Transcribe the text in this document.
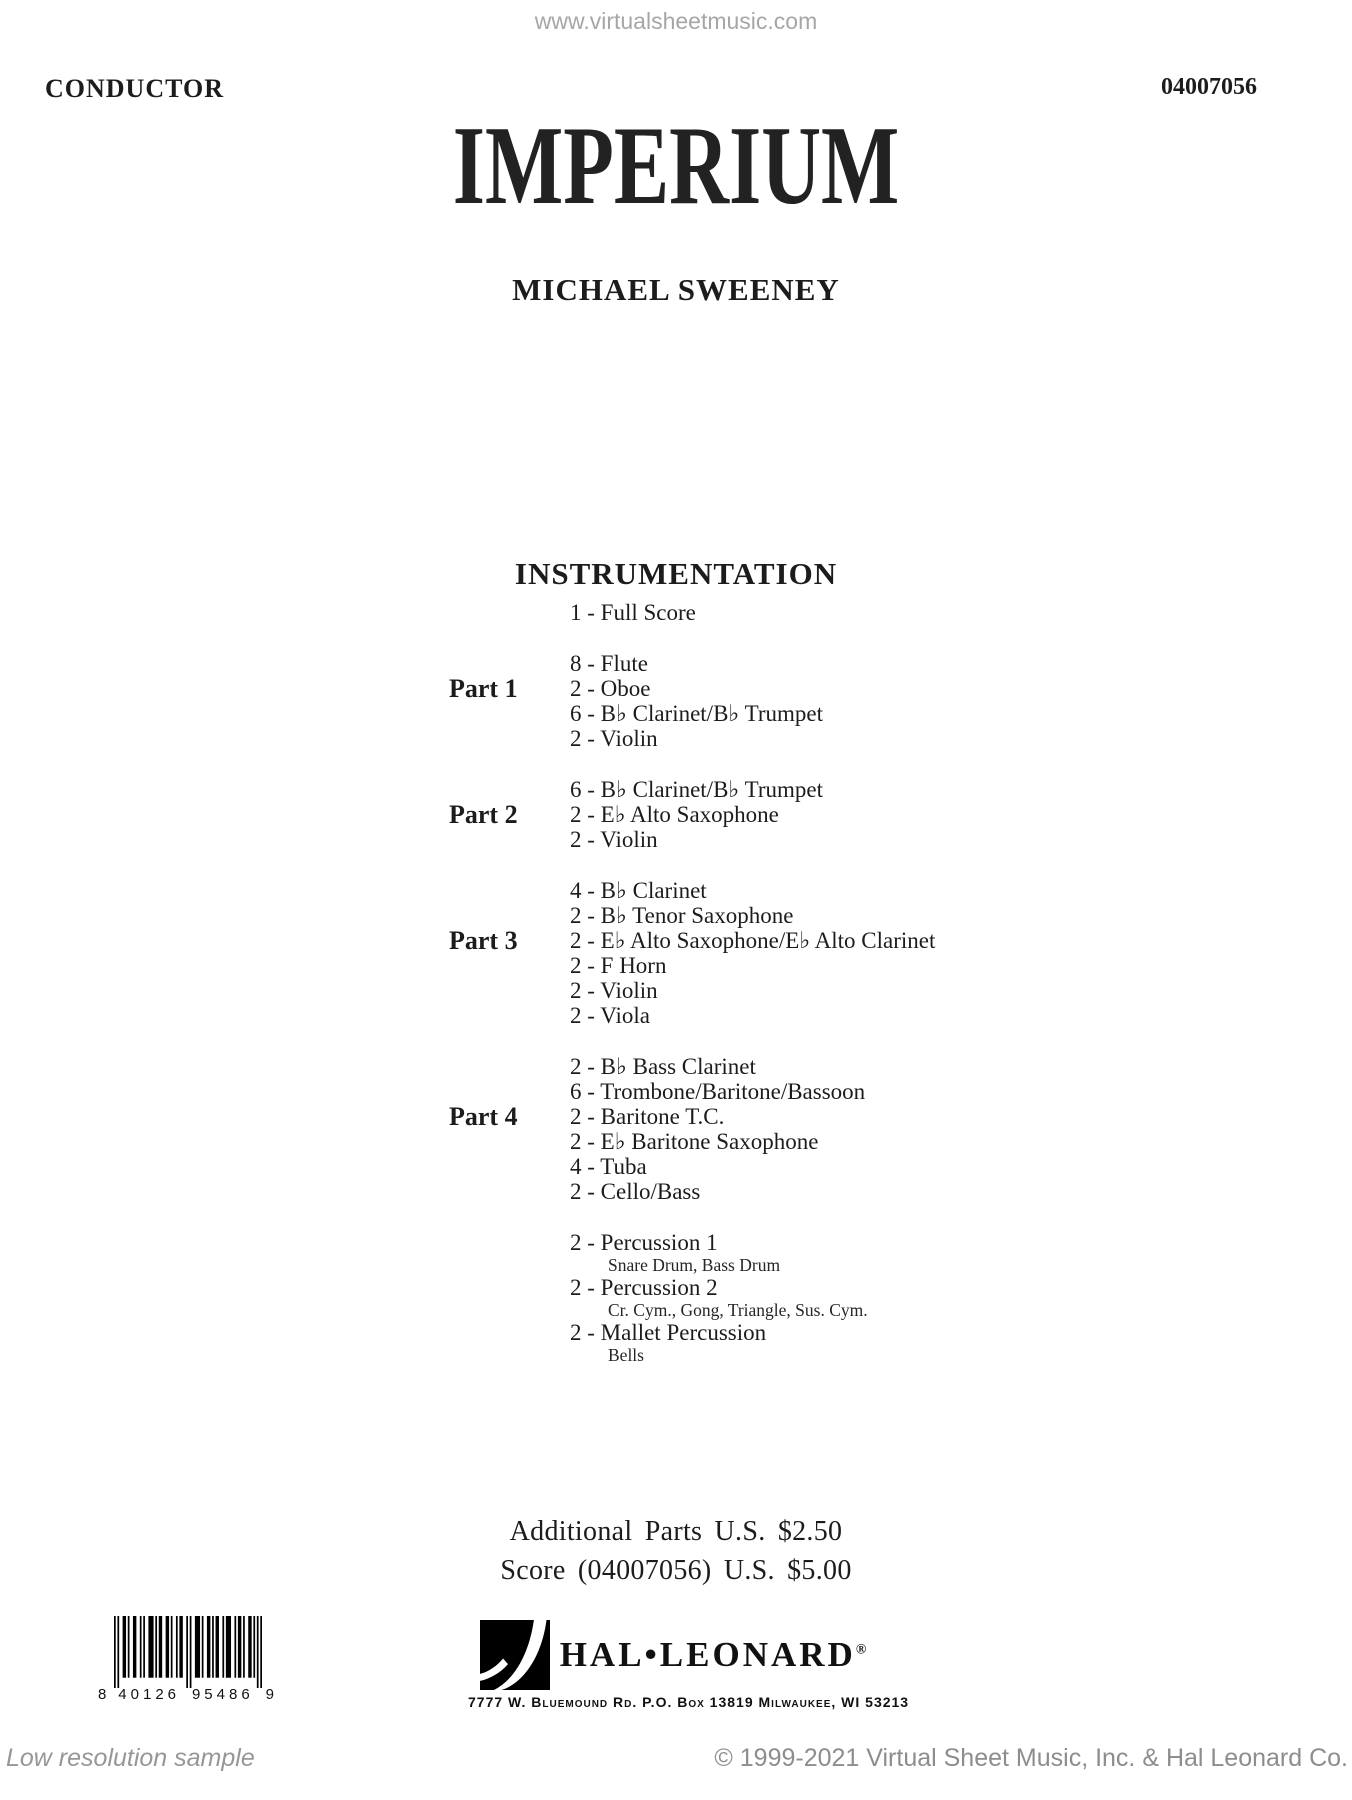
www.virtualsheetmusic.com
CONDUCTOR	04007056
IMPERIUM
MICHAEL SWEENEY
INSTRUMENTATION
1 - Full Score
Part 1
8 - Flute
2 - Oboe
6 - B♭ Clarinet/B♭ Trumpet
2 - Violin
Part 2
6 - B♭ Clarinet/B♭ Trumpet
2 - E♭ Alto Saxophone
2 - Violin
Part 3
4 - B♭ Clarinet
2 - B♭ Tenor Saxophone
2 - E♭ Alto Saxophone/E♭ Alto Clarinet
2 - F Horn
2 - Violin
2 - Viola
Part 4
2 - B♭ Bass Clarinet
6 - Trombone/Baritone/Bassoon
2 - Baritone T.C.
2 - E♭ Baritone Saxophone
4 - Tuba
2 - Cello/Bass
2 - Percussion 1
Snare Drum, Bass Drum
2 - Percussion 2
Cr. Cym., Gong, Triangle, Sus. Cym.
2 - Mallet Percussion
Bells
Additional Parts U.S. $2.50
Score (04007056) U.S. $5.00
8 40126 95486 9
HAL•LEONARD®
7777 W. Bluemound Rd. P.O. Box 13819 Milwaukee, WI 53213
Low resolution sample	© 1999-2021 Virtual Sheet Music, Inc. & Hal Leonard Co.
